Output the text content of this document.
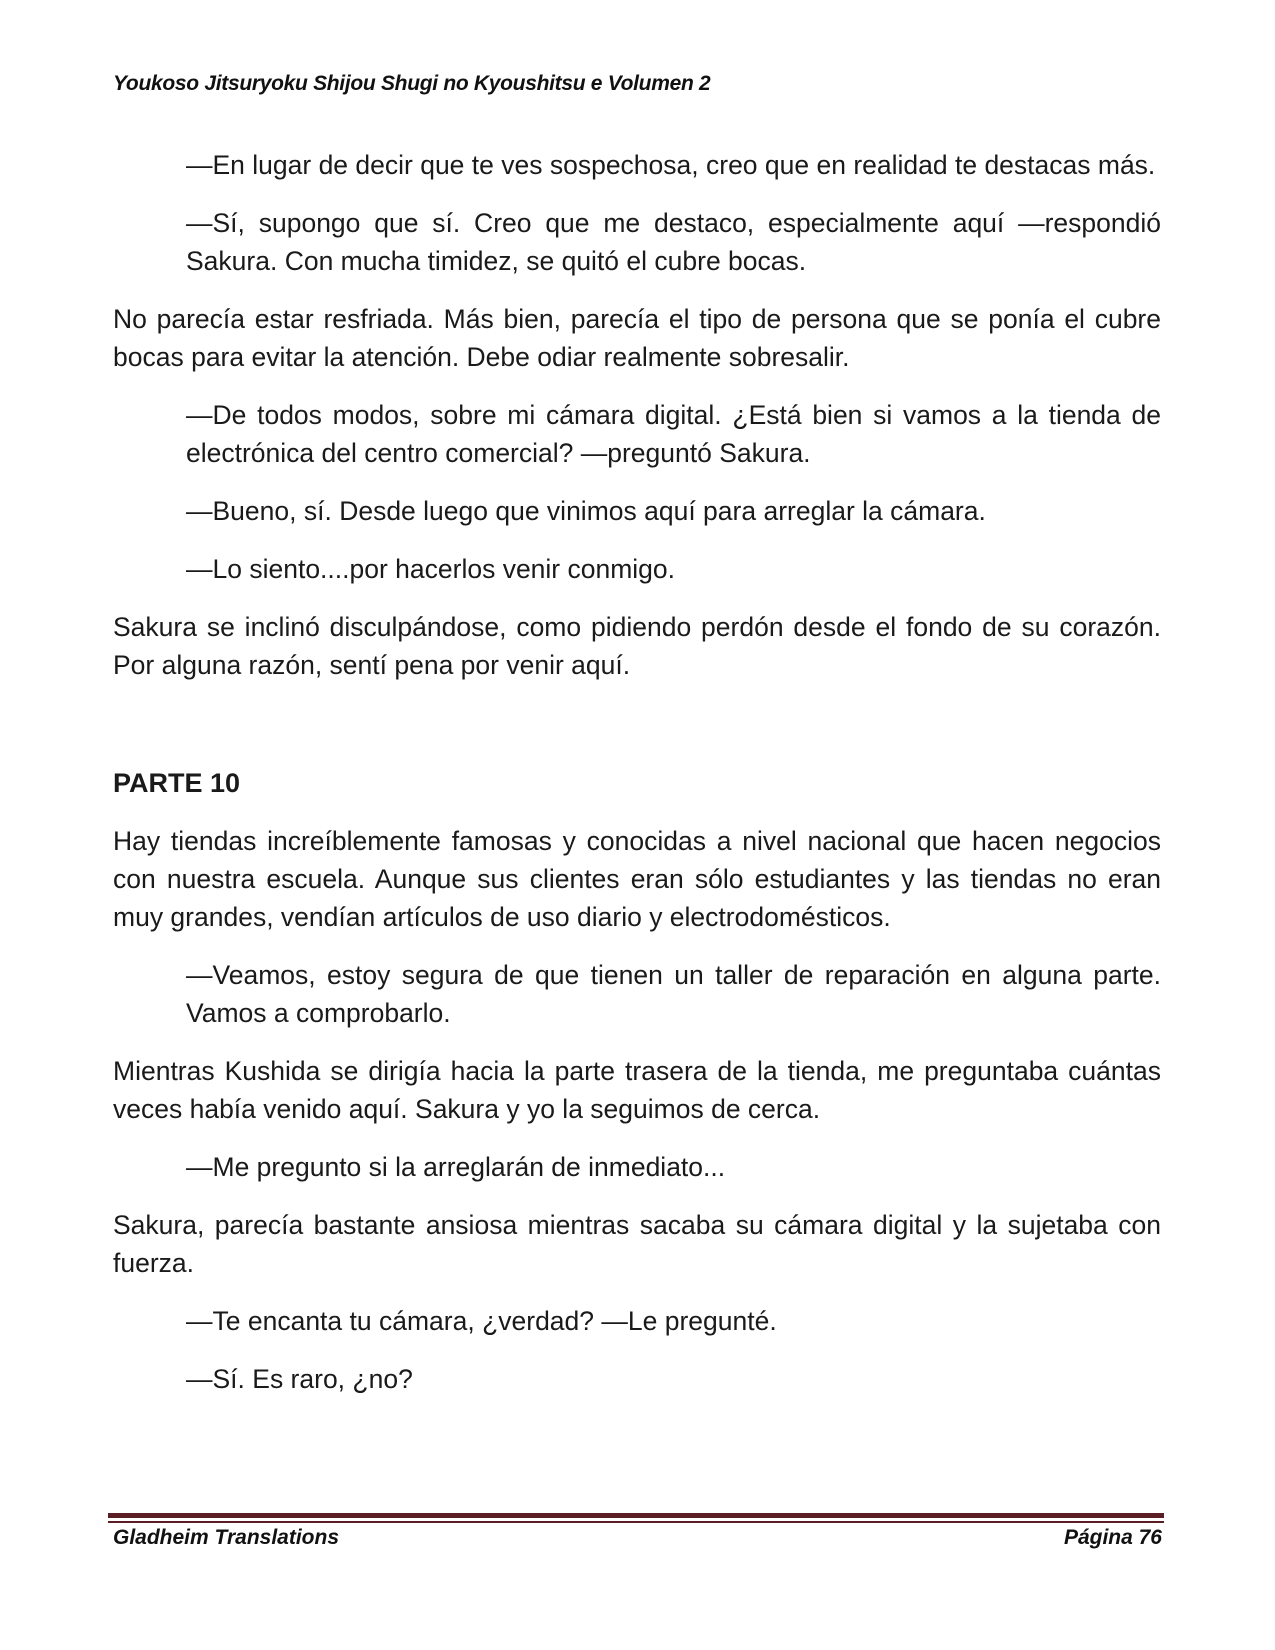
Youkoso Jitsuryoku Shijou Shugi no Kyoushitsu e Volumen 2

—En lugar de decir que te ves sospechosa, creo que en realidad te destacas más.

—Sí, supongo que sí. Creo que me destaco, especialmente aquí —respondió Sakura. Con mucha timidez, se quitó el cubre bocas.

No parecía estar resfriada. Más bien, parecía el tipo de persona que se ponía el cubre bocas para evitar la atención. Debe odiar realmente sobresalir.

—De todos modos, sobre mi cámara digital. ¿Está bien si vamos a la tienda de electrónica del centro comercial? —preguntó Sakura.

—Bueno, sí. Desde luego que vinimos aquí para arreglar la cámara.

—Lo siento....por hacerlos venir conmigo.

Sakura se inclinó disculpándose, como pidiendo perdón desde el fondo de su corazón. Por alguna razón, sentí pena por venir aquí.

PARTE 10

Hay tiendas increíblemente famosas y conocidas a nivel nacional que hacen negocios con nuestra escuela. Aunque sus clientes eran sólo estudiantes y las tiendas no eran muy grandes, vendían artículos de uso diario y electrodomésticos.

—Veamos, estoy segura de que tienen un taller de reparación en alguna parte. Vamos a comprobarlo.

Mientras Kushida se dirigía hacia la parte trasera de la tienda, me preguntaba cuántas veces había venido aquí. Sakura y yo la seguimos de cerca.

—Me pregunto si la arreglarán de inmediato...

Sakura, parecía bastante ansiosa mientras sacaba su cámara digital y la sujetaba con fuerza.

—Te encanta tu cámara, ¿verdad? —Le pregunté.

—Sí. Es raro, ¿no?

Gladheim Translations	Página 76
